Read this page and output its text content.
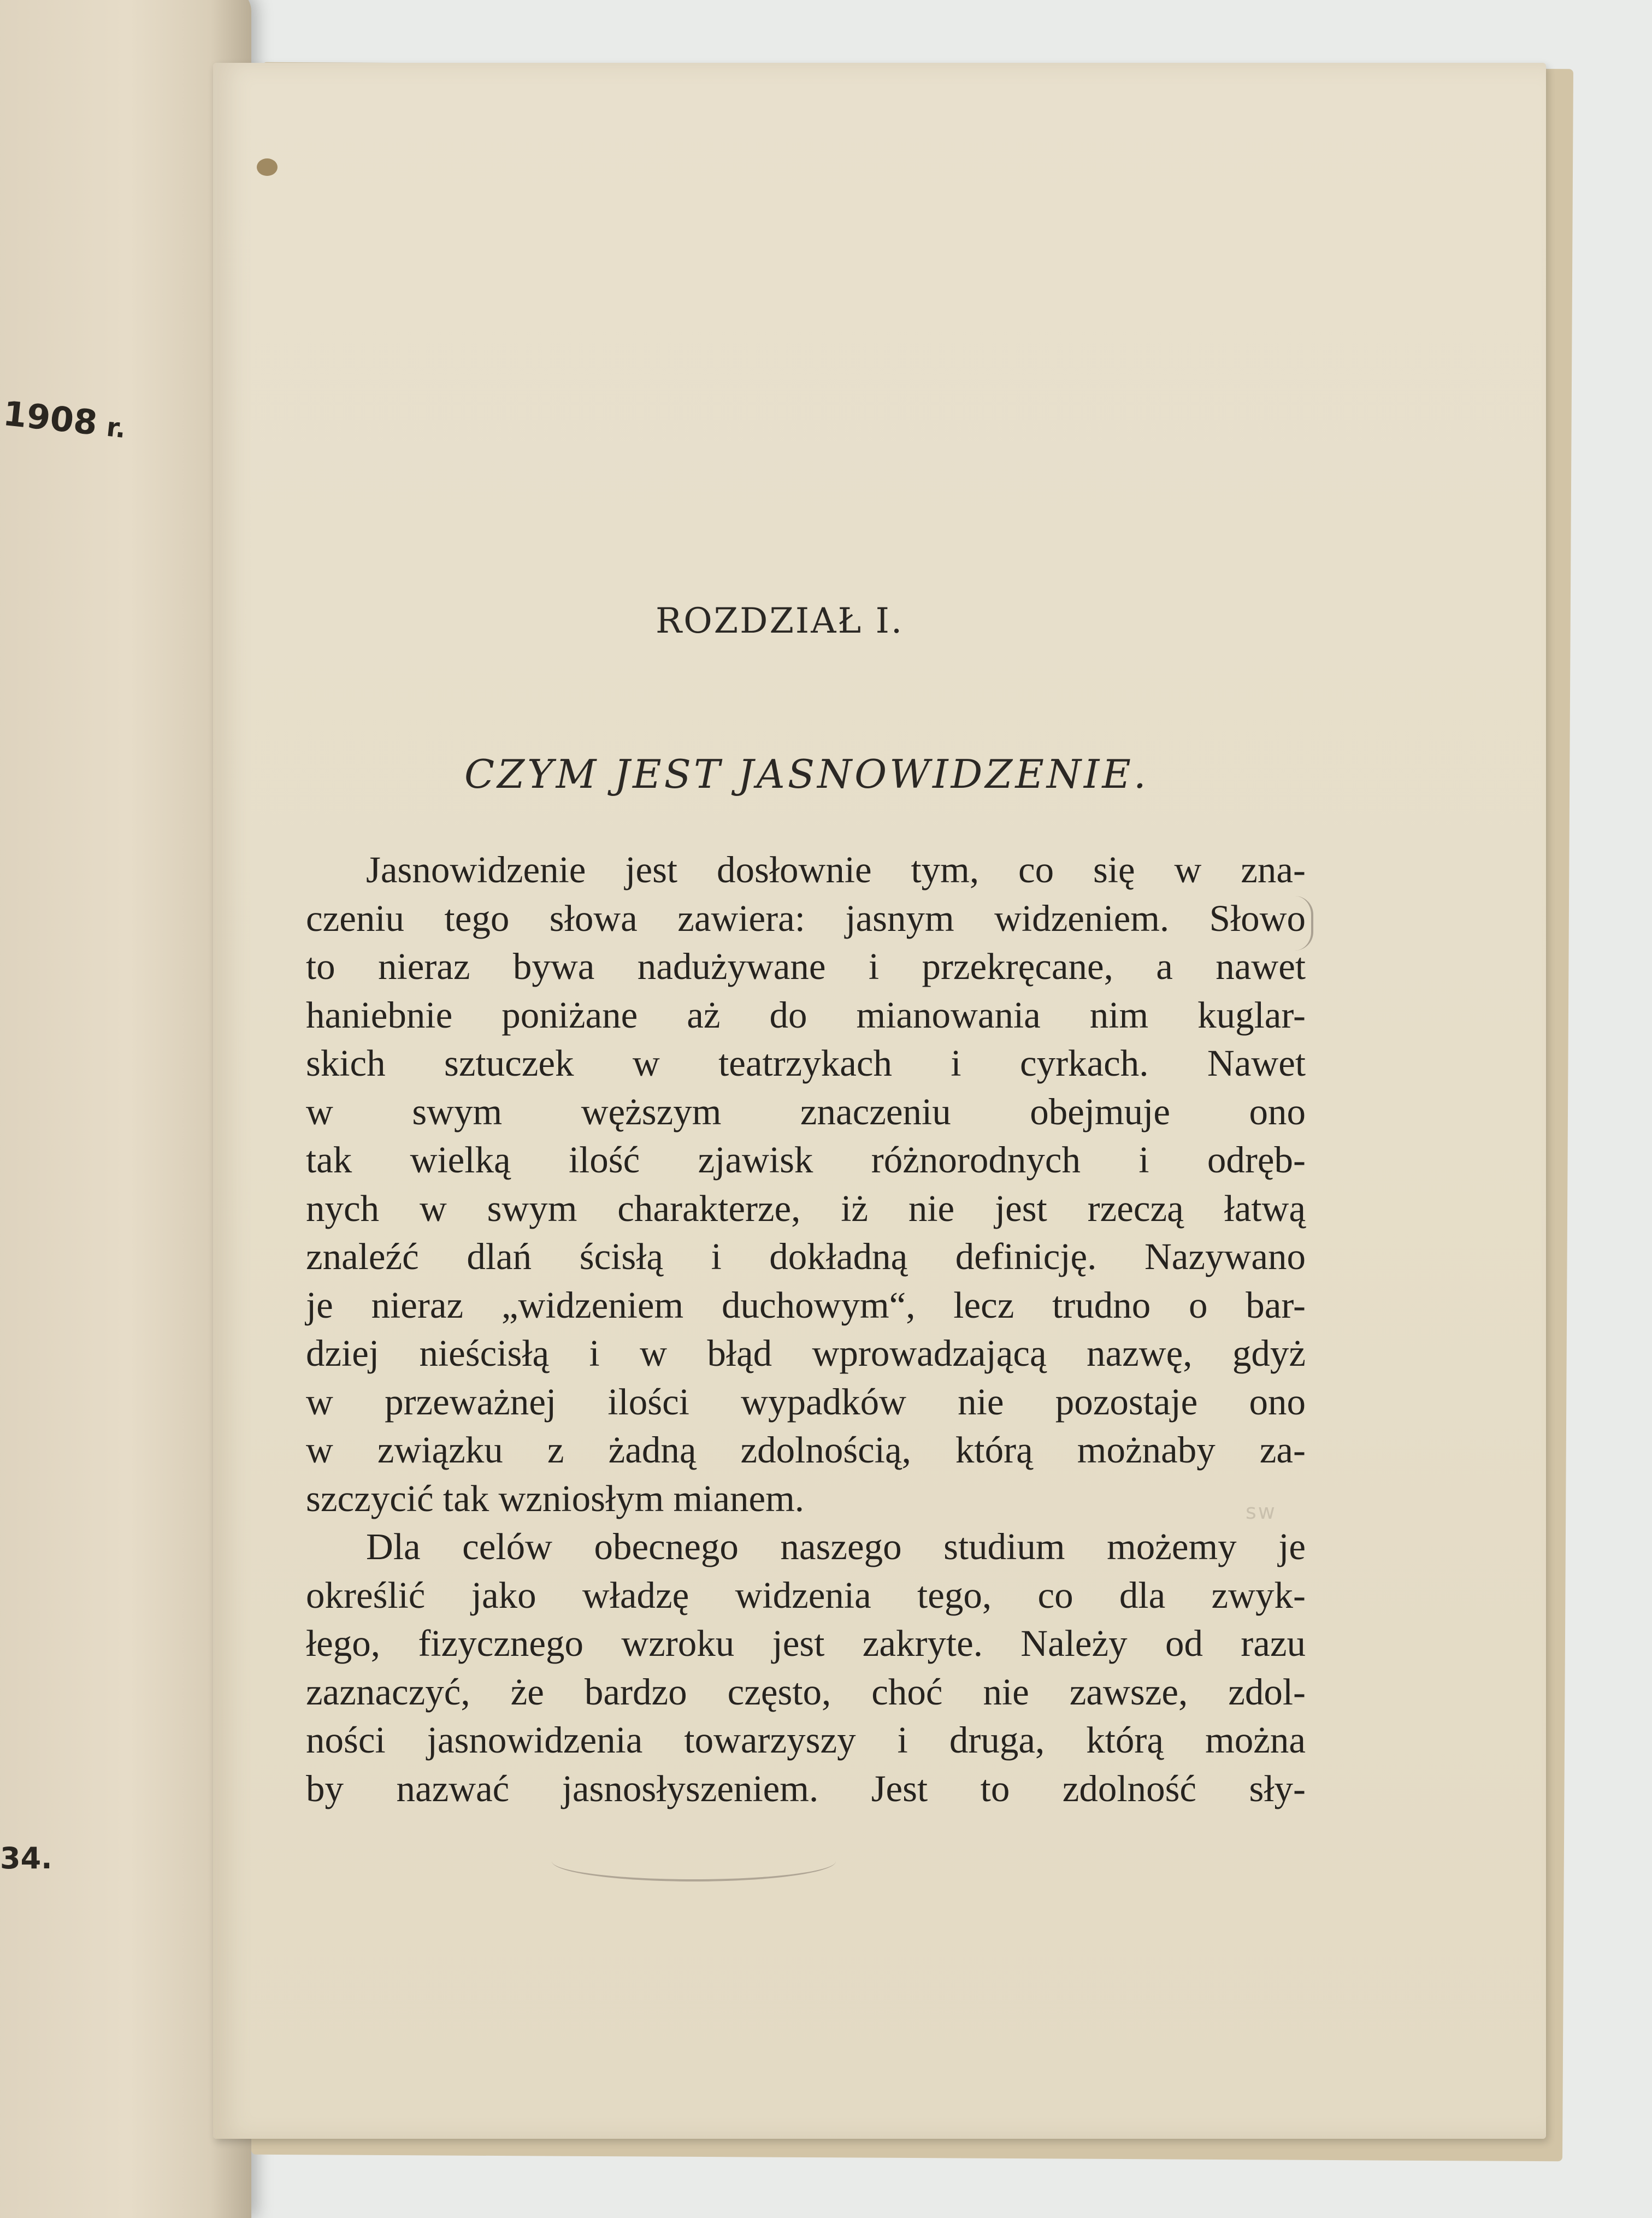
1908 r.
34.
ROZDZIAŁ I.
CZYM JEST JASNOWIDZENIE.
Jasnowidzenie jest dosłownie tym, co się w zna-
czeniu tego słowa zawiera: jasnym widzeniem. Słowo
to nieraz bywa nadużywane i przekręcane, a nawet
haniebnie poniżane aż do mianowania nim kuglar-
skich sztuczek w teatrzykach i cyrkach. Nawet
w swym węższym znaczeniu obejmuje ono
tak wielką ilość zjawisk różnorodnych i odręb-
nych w swym charakterze, iż nie jest rzeczą łatwą
znaleźć dlań ścisłą i dokładną definicję. Nazywano
je nieraz „widzeniem duchowym“, lecz trudno o bar-
dziej nieścisłą i w błąd wprowadzającą nazwę, gdyż
w przeważnej ilości wypadków nie pozostaje ono
w związku z żadną zdolnością, którą możnaby za-
szczycić tak wzniosłym mianem.
Dla celów obecnego naszego studium możemy je
określić jako władzę widzenia tego, co dla zwyk-
łego, fizycznego wzroku jest zakryte. Należy od razu
zaznaczyć, że bardzo często, choć nie zawsze, zdol-
ności jasnowidzenia towarzyszy i druga, którą można
by nazwać jasnosłyszeniem. Jest to zdolność sły-
sw
